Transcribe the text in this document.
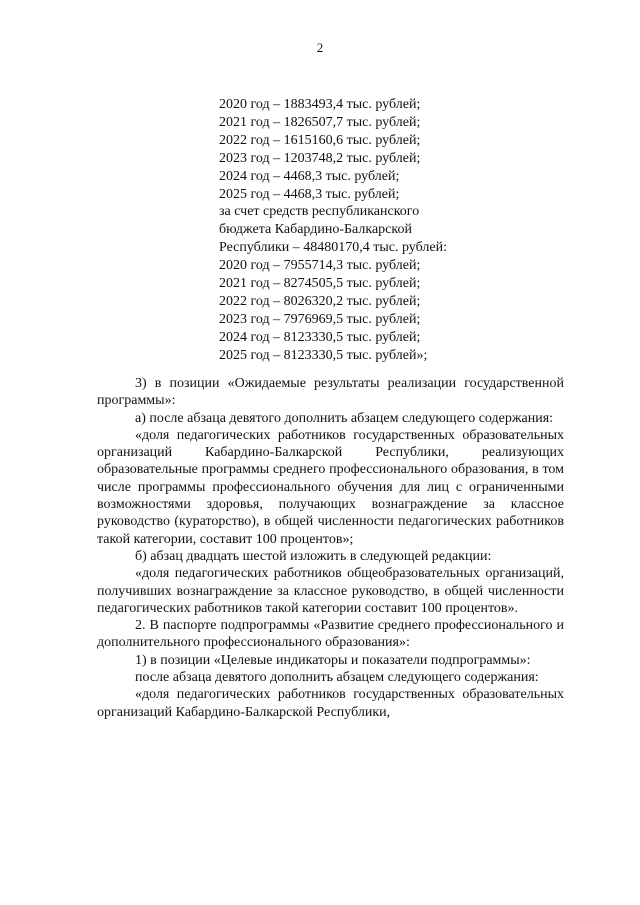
2
2020 год – 1883493,4 тыс. рублей;
2021 год – 1826507,7 тыс. рублей;
2022 год – 1615160,6 тыс. рублей;
2023 год – 1203748,2 тыс. рублей;
2024 год – 4468,3 тыс. рублей;
2025 год – 4468,3 тыс. рублей;
за счет средств республиканского
бюджета Кабардино-Балкарской
Республики – 48480170,4 тыс. рублей:
2020 год – 7955714,3 тыс. рублей;
2021 год – 8274505,5 тыс. рублей;
2022 год – 8026320,2 тыс. рублей;
2023 год – 7976969,5 тыс. рублей;
2024 год – 8123330,5 тыс. рублей;
2025 год – 8123330,5 тыс. рублей»;

3) в позиции «Ожидаемые результаты реализации государственной программы»:

а) после абзаца девятого дополнить абзацем следующего содержания:

«доля педагогических работников государственных образовательных организаций Кабардино-Балкарской Республики, реализующих образовательные программы среднего профессионального образования, в том числе программы профессионального обучения для лиц с ограниченными возможностями здоровья, получающих вознаграждение за классное руководство (кураторство), в общей численности педагогических работников такой категории, составит 100 процентов»;

б) абзац двадцать шестой изложить в следующей редакции:

«доля педагогических работников общеобразовательных организаций, получивших вознаграждение за классное руководство, в общей численности педагогических работников такой категории составит 100 процентов».

2. В паспорте подпрограммы «Развитие среднего профессионального и дополнительного профессионального образования»:

1) в позиции «Целевые индикаторы и показатели подпрограммы»:

после абзаца девятого дополнить абзацем следующего содержания:

«доля педагогических работников государственных образовательных организаций Кабардино-Балкарской Республики,
